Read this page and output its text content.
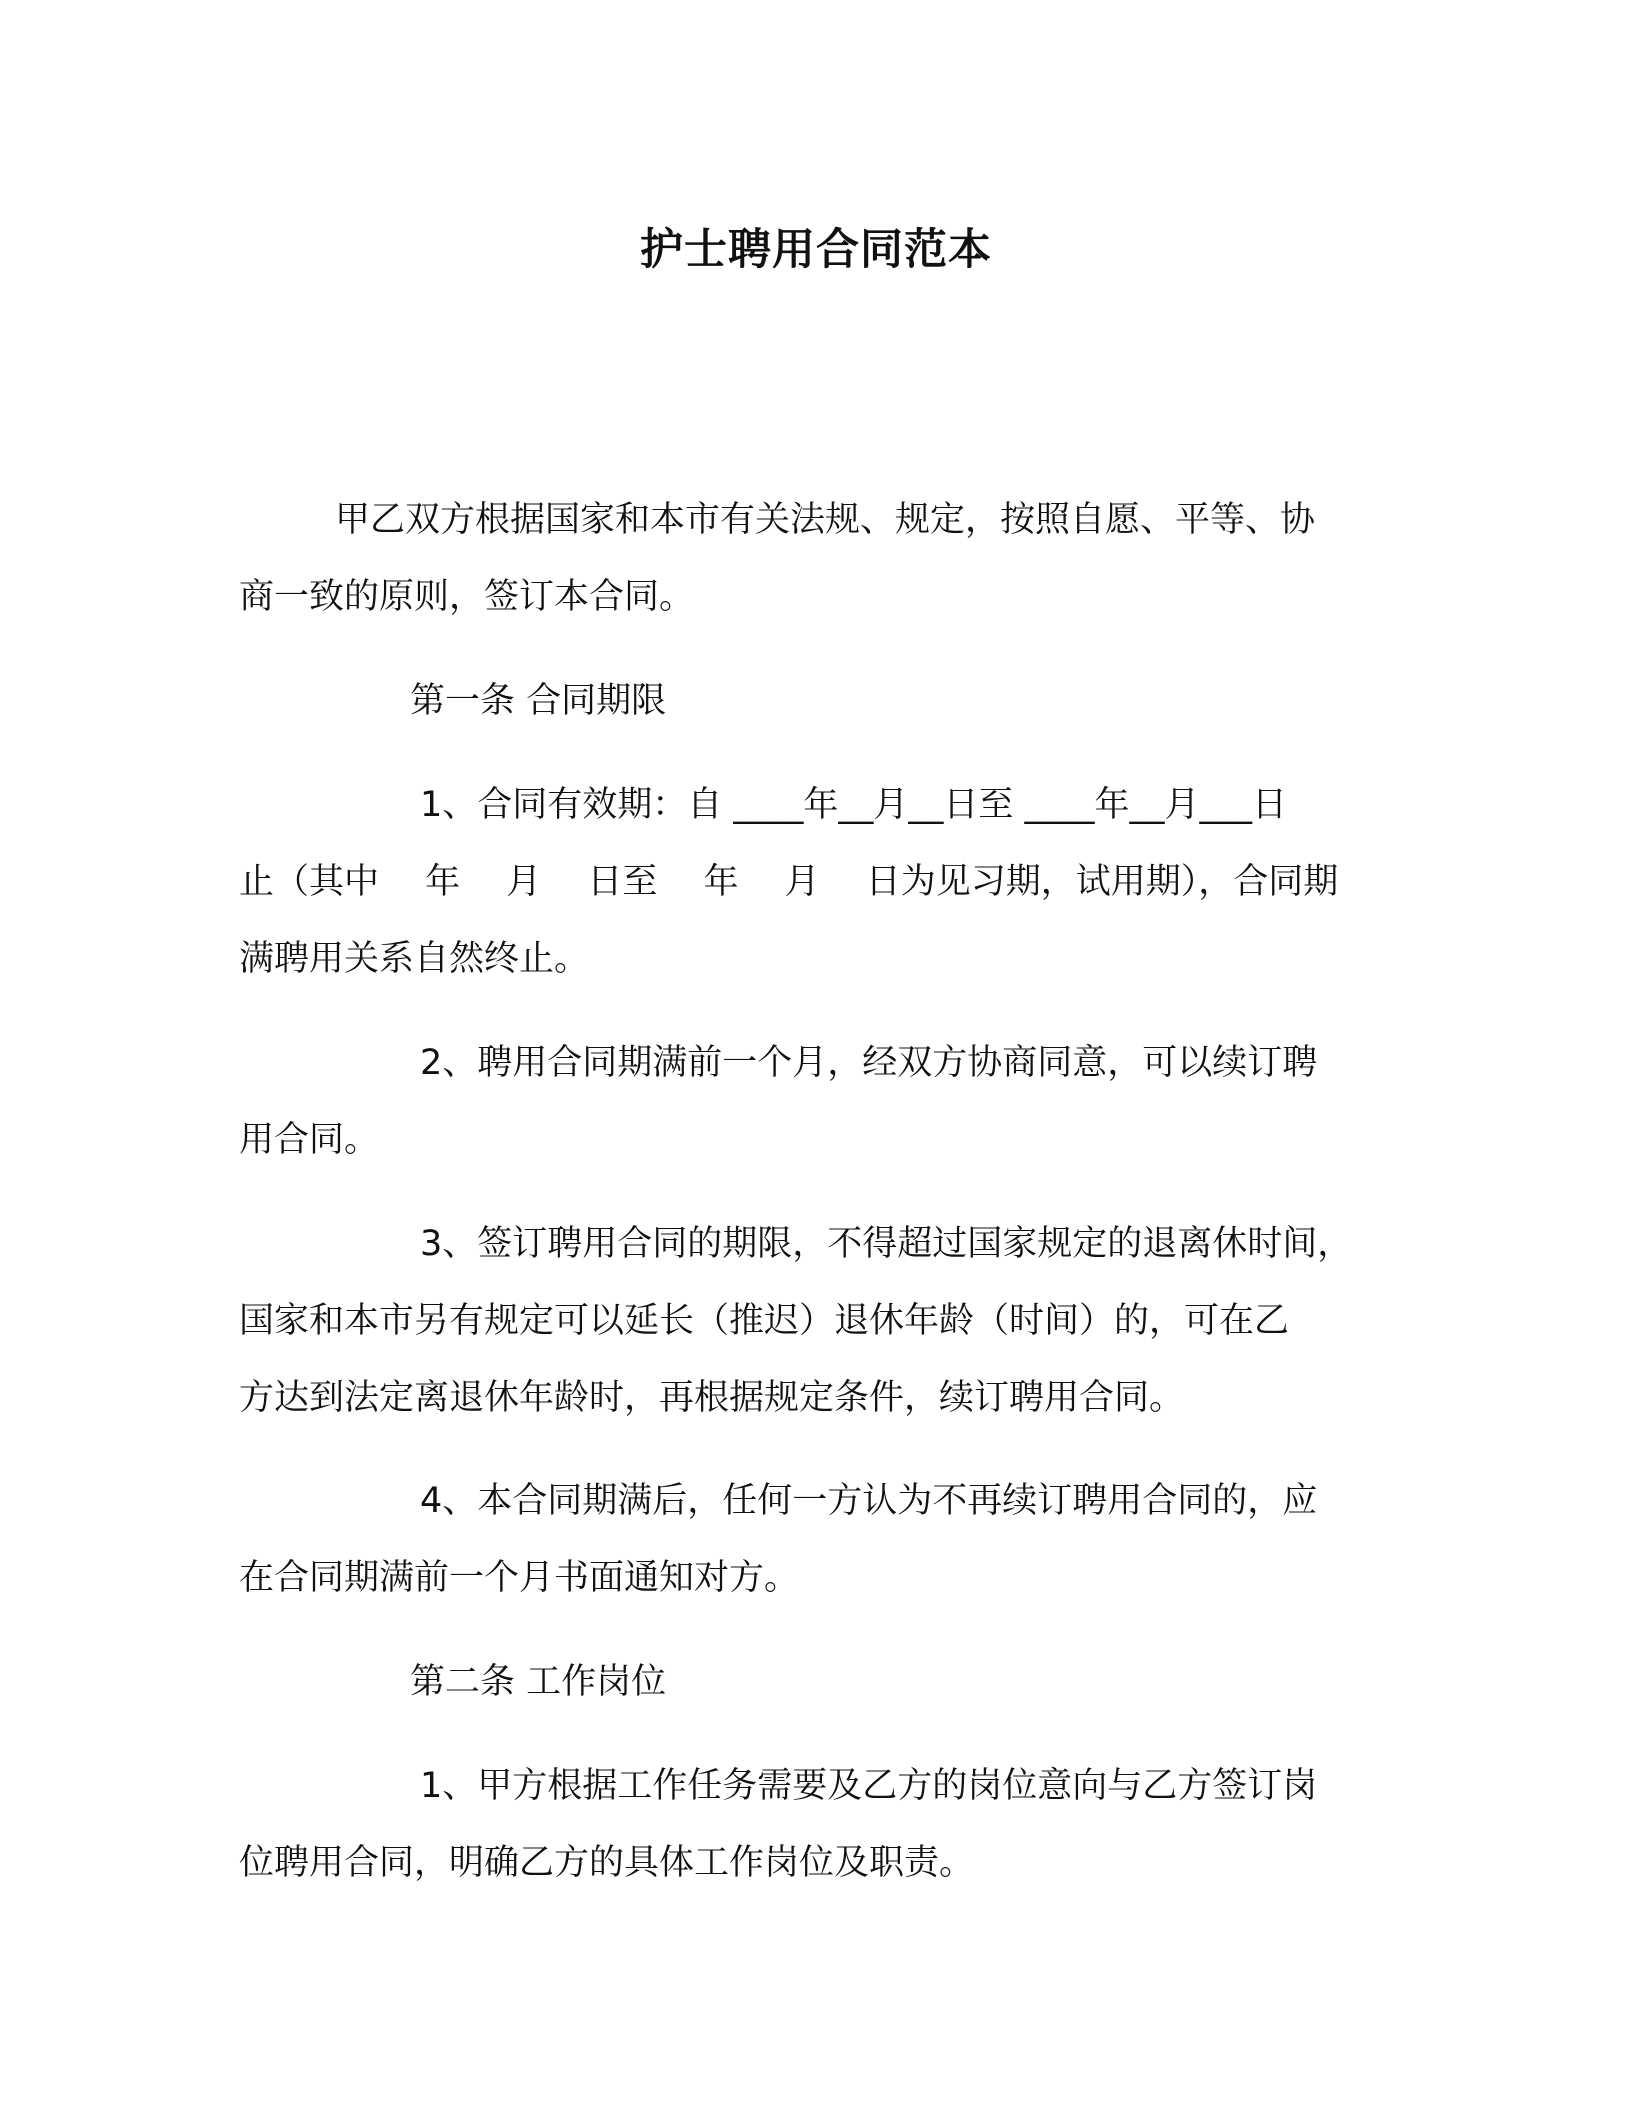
护士聘用合同范本
甲乙双方根据国家和本市有关法规、规定，按照自愿、平等、协
商一致的原则，签订本合同。
第一条 合同期限
1、合同有效期：自 ____年__月__日至 ____年__月___日
止（其中　 年　 月　 日至　 年　 月　 日为见习期，试用期），合同期
满聘用关系自然终止。
2、聘用合同期满前一个月，经双方协商同意，可以续订聘
用合同。
3、签订聘用合同的期限，不得超过国家规定的退离休时间，
国家和本市另有规定可以延长（推迟）退休年龄（时间）的，可在乙
方达到法定离退休年龄时，再根据规定条件，续订聘用合同。
4、本合同期满后，任何一方认为不再续订聘用合同的，应
在合同期满前一个月书面通知对方。
第二条 工作岗位
1、甲方根据工作任务需要及乙方的岗位意向与乙方签订岗
位聘用合同，明确乙方的具体工作岗位及职责。
